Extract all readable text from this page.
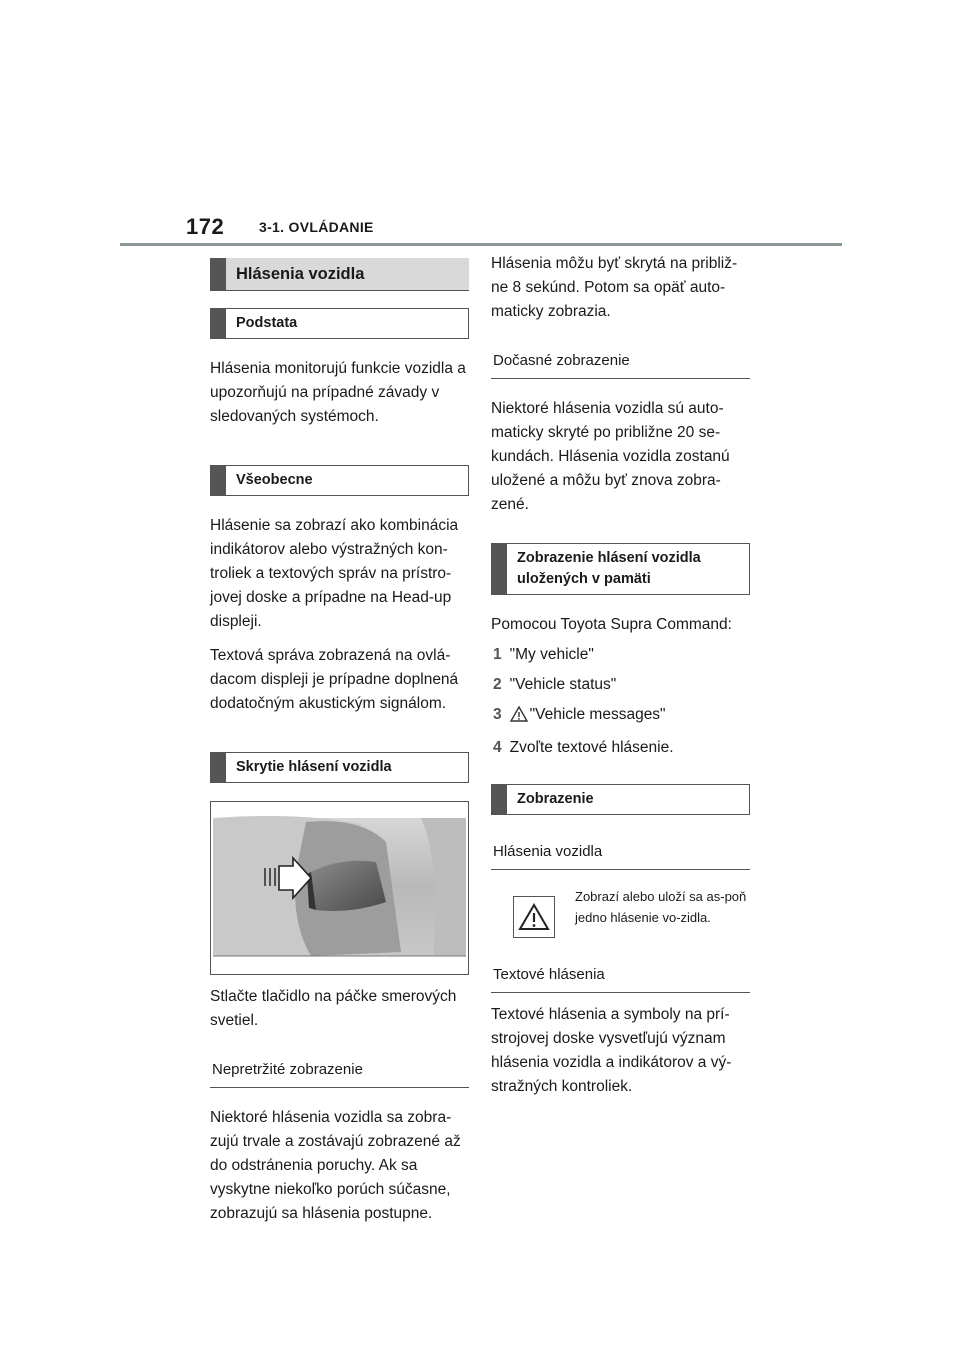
172 3-1. OVLÁDANIE
Hlásenia vozidla
Podstata

Hlásenia monitorujú funkcie vozidla a upozorňujú na prípadné závady v sledovaných systémoch.

Všeobecne

Hlásenie sa zobrazí ako kombinácia indikátorov alebo výstražných kon-troliek a textových správ na prístro-jovej doske a prípadne na Head-up displeji.

Textová správa zobrazená na ovlá-dacom displeji je prípadne doplnená dodatočným akustickým signálom.

Skrytie hlásení vozidla

Stlačte tlačidlo na páčke smerových svetiel.

Nepretržité zobrazenie

Niektoré hlásenia vozidla sa zobra-zujú trvale a zostávajú zobrazené až do odstránenia poruchy. Ak sa vyskytne niekoľko porúch súčasne, zobrazujú sa hlásenia postupne.

Hlásenia môžu byť skrytá na približ-ne 8 sekúnd. Potom sa opäť auto-maticky zobrazia.

Dočasné zobrazenie

Niektoré hlásenia vozidla sú auto-maticky skryté po približne 20 se-kundách. Hlásenia vozidla zostanú uložené a môžu byť znova zobra-zené.

Zobrazenie hlásení vozidla
uložených v pamäti

Pomocou Toyota Supra Command:

1 "My vehicle"
2 "Vehicle status"
3 "Vehicle messages"
4 Zvoľte textové hlásenie.
Zobrazenie
Hlásenia vozidla
Zobrazí alebo uloží sa as-poň jedno hlásenie vo-zidla.
Textové hlásenia

Textové hlásenia a symboly na prí-strojovej doske vysvetľujú význam hlásenia vozidla a indikátorov a vý-stražných kontroliek.
